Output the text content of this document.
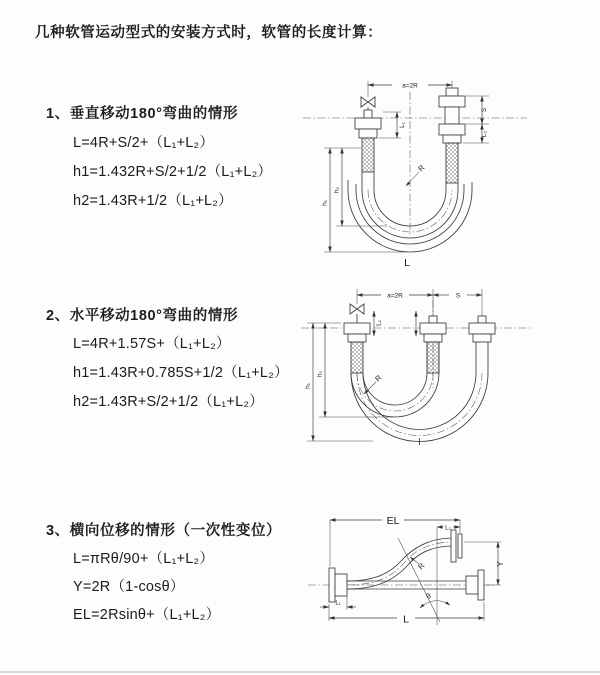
几种软管运动型式的安装方式时，软管的长度计算：
1、垂直移动180°弯曲的情形
L=4R+S/2+（L₁+L₂）
h1=1.432R+S/2+1/2（L₁+L₂）
h2=1.43R+1/2（L₁+L₂）
2、水平移动180°弯曲的情形
L=4R+1.57S+（L₁+L₂）
h1=1.43R+0.785S+1/2（L₁+L₂）
h2=1.43R+S/2+1/2（L₁+L₂）
3、横向位移的情形（一次性变位）
L=πRθ/90+（L₁+L₂）
Y=2R（1-cosθ）
EL=2Rsinθ+（L₁+L₂）
a=2R
L₁
h₁
h₂
S
L₂
R
L
a=2R	S
L₁
h₁
h₂	R
θ
R
EL
L₂
Y
L₁
L
